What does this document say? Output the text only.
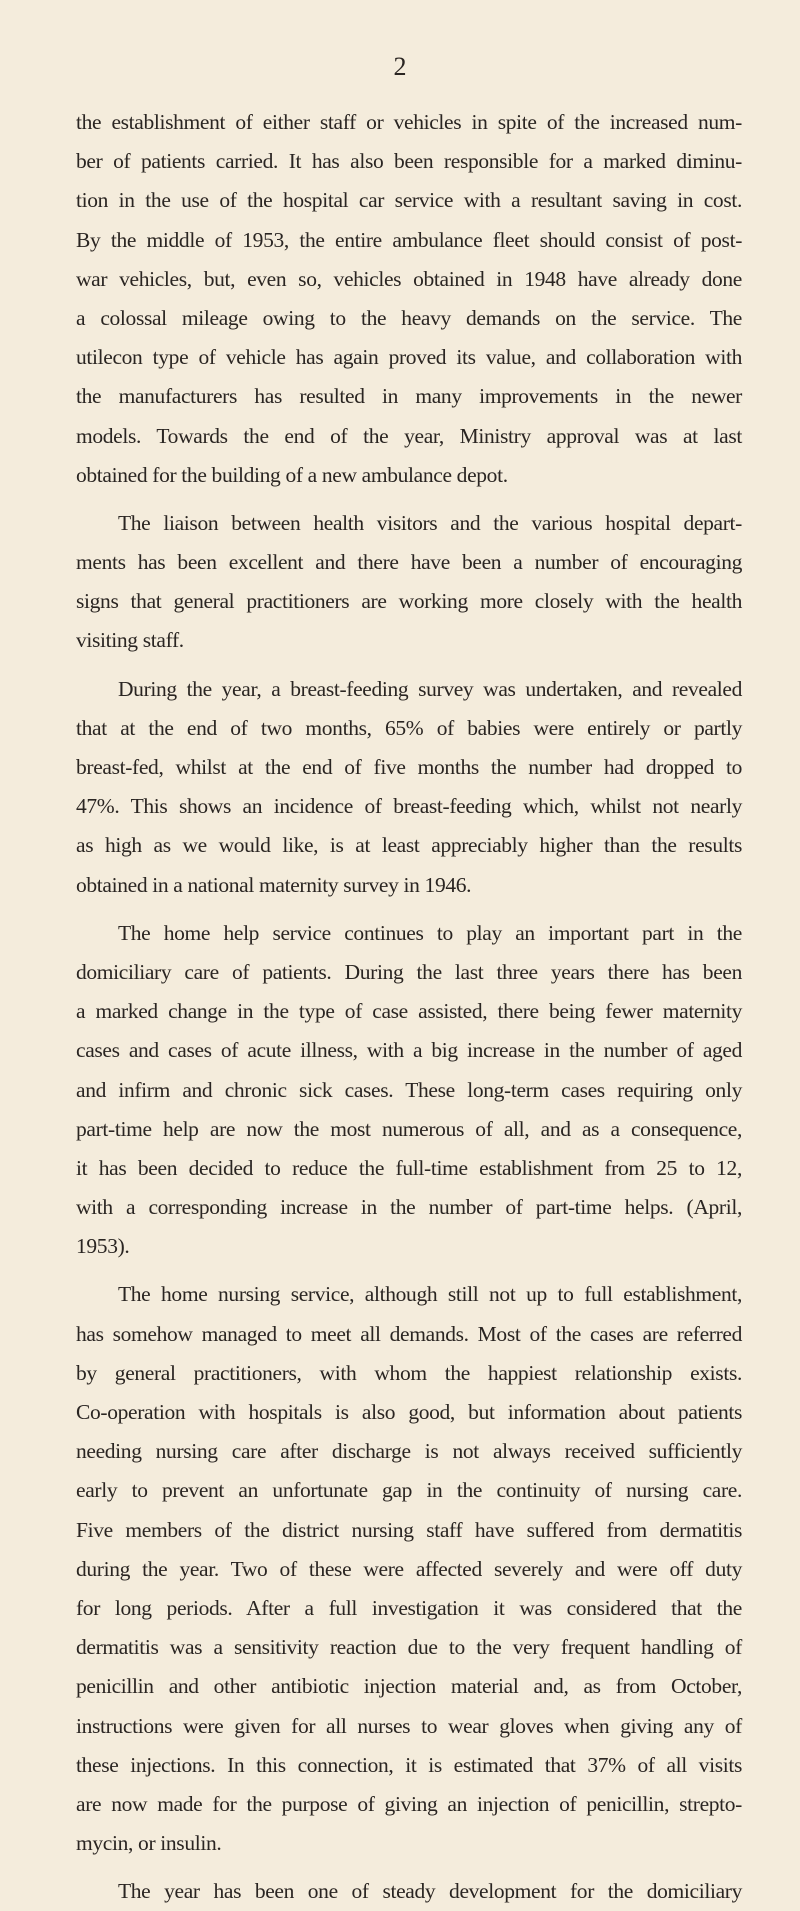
2
the establishment of either staff or vehicles in spite of the increased num-
ber of patients carried. It has also been responsible for a marked diminu-
tion in the use of the hospital car service with a resultant saving in cost.
By the middle of 1953, the entire ambulance fleet should consist of post-
war vehicles, but, even so, vehicles obtained in 1948 have already done
a colossal mileage owing to the heavy demands on the service. The
utilecon type of vehicle has again proved its value, and collaboration with
the manufacturers has resulted in many improvements in the newer
models. Towards the end of the year, Ministry approval was at last
obtained for the building of a new ambulance depot.
The liaison between health visitors and the various hospital depart-
ments has been excellent and there have been a number of encouraging
signs that general practitioners are working more closely with the health
visiting staff.
During the year, a breast-feeding survey was undertaken, and revealed
that at the end of two months, 65% of babies were entirely or partly
breast-fed, whilst at the end of five months the number had dropped to
47%. This shows an incidence of breast-feeding which, whilst not nearly
as high as we would like, is at least appreciably higher than the results
obtained in a national maternity survey in 1946.
The home help service continues to play an important part in the
domiciliary care of patients. During the last three years there has been
a marked change in the type of case assisted, there being fewer maternity
cases and cases of acute illness, with a big increase in the number of aged
and infirm and chronic sick cases. These long-term cases requiring only
part-time help are now the most numerous of all, and as a consequence,
it has been decided to reduce the full-time establishment from 25 to 12,
with a corresponding increase in the number of part-time helps. (April,
1953).
The home nursing service, although still not up to full establishment,
has somehow managed to meet all demands. Most of the cases are referred
by general practitioners, with whom the happiest relationship exists.
Co-operation with hospitals is also good, but information about patients
needing nursing care after discharge is not always received sufficiently
early to prevent an unfortunate gap in the continuity of nursing care.
Five members of the district nursing staff have suffered from dermatitis
during the year. Two of these were affected severely and were off duty
for long periods. After a full investigation it was considered that the
dermatitis was a sensitivity reaction due to the very frequent handling of
penicillin and other antibiotic injection material and, as from October,
instructions were given for all nurses to wear gloves when giving any of
these injections. In this connection, it is estimated that 37% of all visits
are now made for the purpose of giving an injection of penicillin, strepto-
mycin, or insulin.
The year has been one of steady development for the domiciliary
